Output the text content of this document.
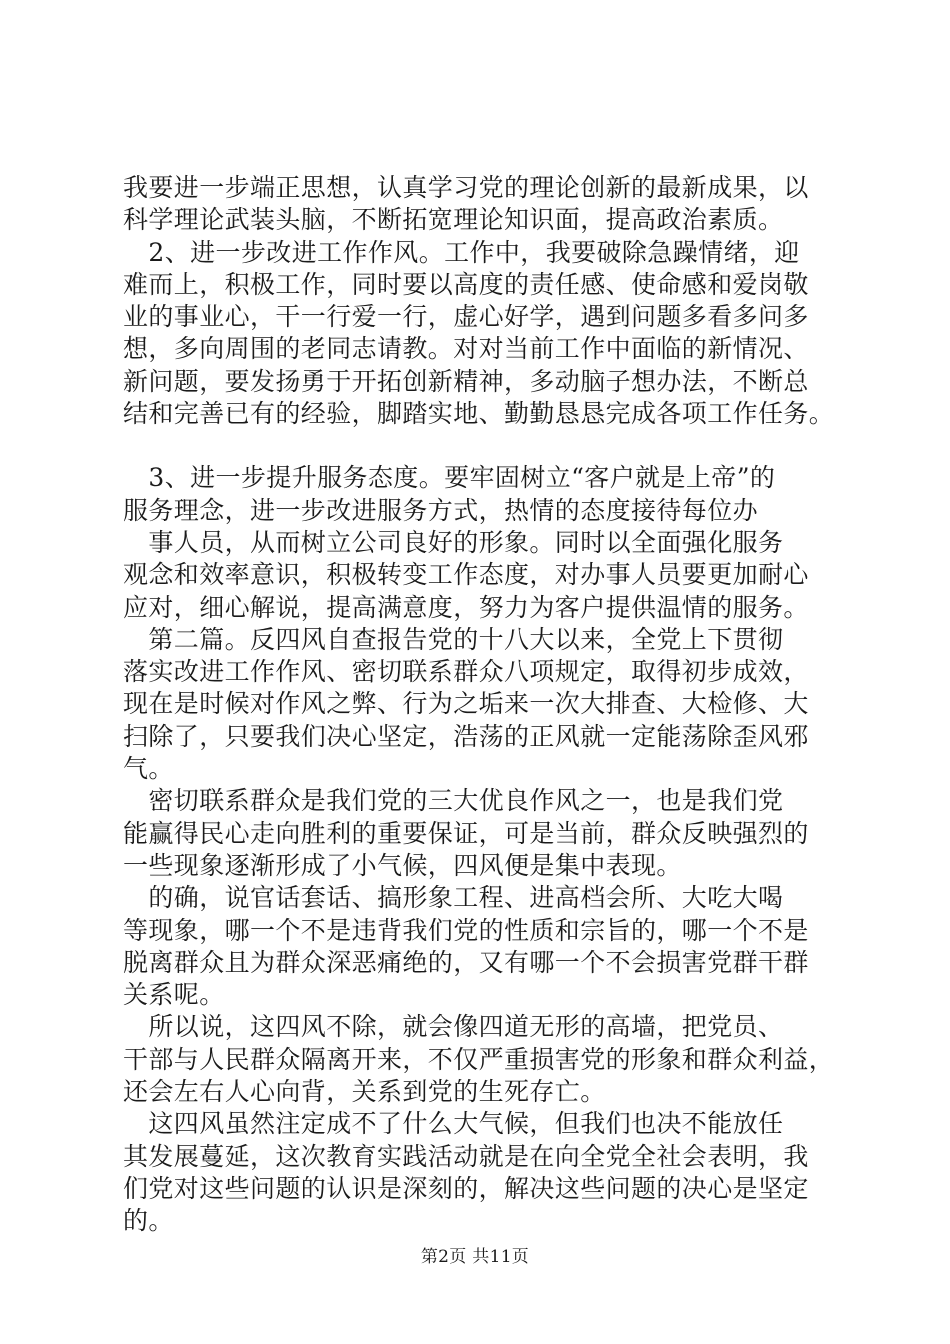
我要进一步端正思想，认真学习党的理论创新的最新成果，以
科学理论武装头脑，不断拓宽理论知识面，提高政治素质。
　2、进一步改进工作作风。工作中，我要破除急躁情绪，迎
难而上，积极工作，同时要以高度的责任感、使命感和爱岗敬
业的事业心，干一行爱一行，虚心好学，遇到问题多看多问多
想，多向周围的老同志请教。对对当前工作中面临的新情况、
新问题，要发扬勇于开拓创新精神，多动脑子想办法，不断总
结和完善已有的经验，脚踏实地、勤勤恳恳完成各项工作任务。
　3、进一步提升服务态度。要牢固树立“客户就是上帝”的
服务理念，进一步改进服务方式，热情的态度接待每位办
　事人员，从而树立公司良好的形象。同时以全面强化服务
观念和效率意识，积极转变工作态度，对办事人员要更加耐心
应对，细心解说，提高满意度，努力为客户提供温情的服务。
　第二篇。反四风自查报告党的十八大以来，全党上下贯彻
落实改进工作作风、密切联系群众八项规定，取得初步成效，
现在是时候对作风之弊、行为之垢来一次大排查、大检修、大
扫除了，只要我们决心坚定，浩荡的正风就一定能荡除歪风邪
气。
　密切联系群众是我们党的三大优良作风之一，也是我们党
能赢得民心走向胜利的重要保证，可是当前，群众反映强烈的
一些现象逐渐形成了小气候，四风便是集中表现。
　的确，说官话套话、搞形象工程、进高档会所、大吃大喝
等现象，哪一个不是违背我们党的性质和宗旨的，哪一个不是
脱离群众且为群众深恶痛绝的，又有哪一个不会损害党群干群
关系呢。
　所以说，这四风不除，就会像四道无形的高墙，把党员、
干部与人民群众隔离开来，不仅严重损害党的形象和群众利益，
还会左右人心向背，关系到党的生死存亡。
　这四风虽然注定成不了什么大气候，但我们也决不能放任
其发展蔓延，这次教育实践活动就是在向全党全社会表明，我
们党对这些问题的认识是深刻的，解决这些问题的决心是坚定
的。
第2页 共11页
